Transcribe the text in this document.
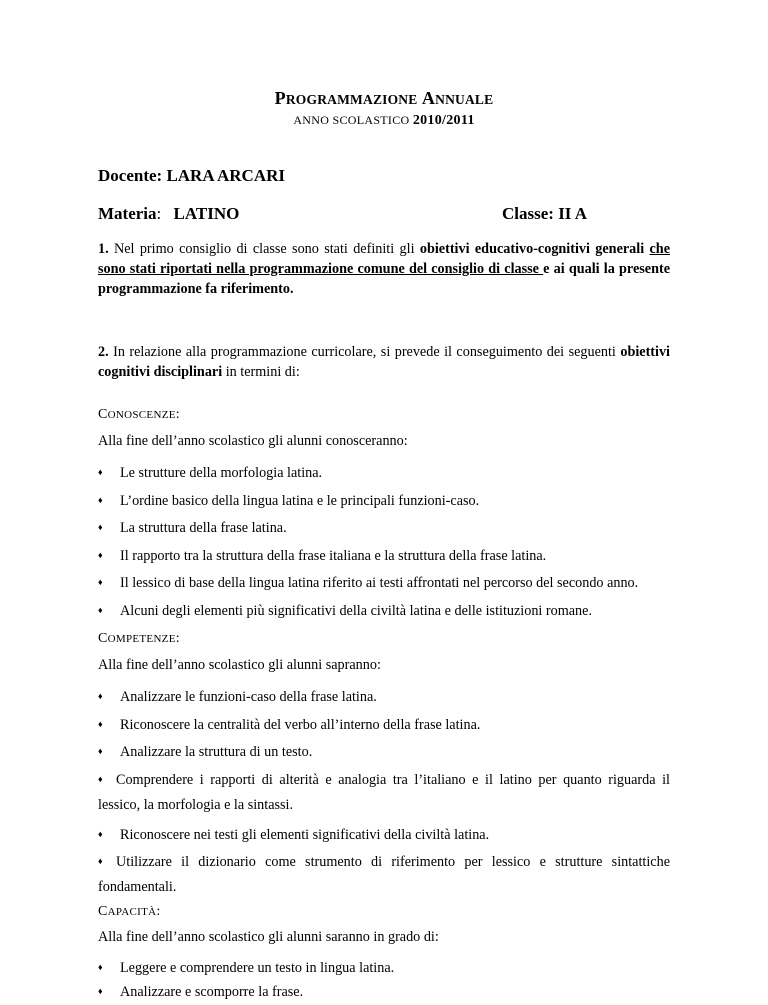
PROGRAMMAZIONE ANNUALE
ANNO SCOLASTICO 2010/2011
Docente: LARA ARCARI
Materia: LATINO	Classe: II A
1. Nel primo consiglio di classe sono stati definiti gli obiettivi educativo-cognitivi generali che sono stati riportati nella programmazione comune del consiglio di classe e ai quali la presente programmazione fa riferimento.
2. In relazione alla programmazione curricolare, si prevede il conseguimento dei seguenti obiettivi cognitivi disciplinari in termini di:
CONOSCENZE:
Alla fine dell’anno scolastico gli alunni conosceranno:
♦ Le strutture della morfologia latina.
♦ L’ordine basico della lingua latina e le principali funzioni-caso.
♦ La struttura della frase latina.
♦ Il rapporto tra la struttura della frase italiana e la struttura della frase latina.
♦ Il lessico di base della lingua latina riferito ai testi affrontati nel percorso del secondo anno.
♦ Alcuni degli elementi più significativi della civiltà latina e delle istituzioni romane.
COMPETENZE:
Alla fine dell’anno scolastico gli alunni sapranno:
♦ Analizzare le funzioni-caso della frase latina.
♦ Riconoscere la centralità del verbo all’interno della frase latina.
♦ Analizzare la struttura di un testo.
♦ Comprendere i rapporti di alterità e analogia tra l’italiano e il latino per quanto riguarda il lessico, la morfologia e la sintassi.
♦ Riconoscere nei testi gli elementi significativi della civiltà latina.
♦ Utilizzare il dizionario come strumento di riferimento per lessico e strutture sintattiche fondamentali.
CAPACITÀ:
Alla fine dell’anno scolastico gli alunni saranno in grado di:
♦ Leggere e comprendere un testo in lingua latina.
♦ Analizzare e scomporre la frase.
